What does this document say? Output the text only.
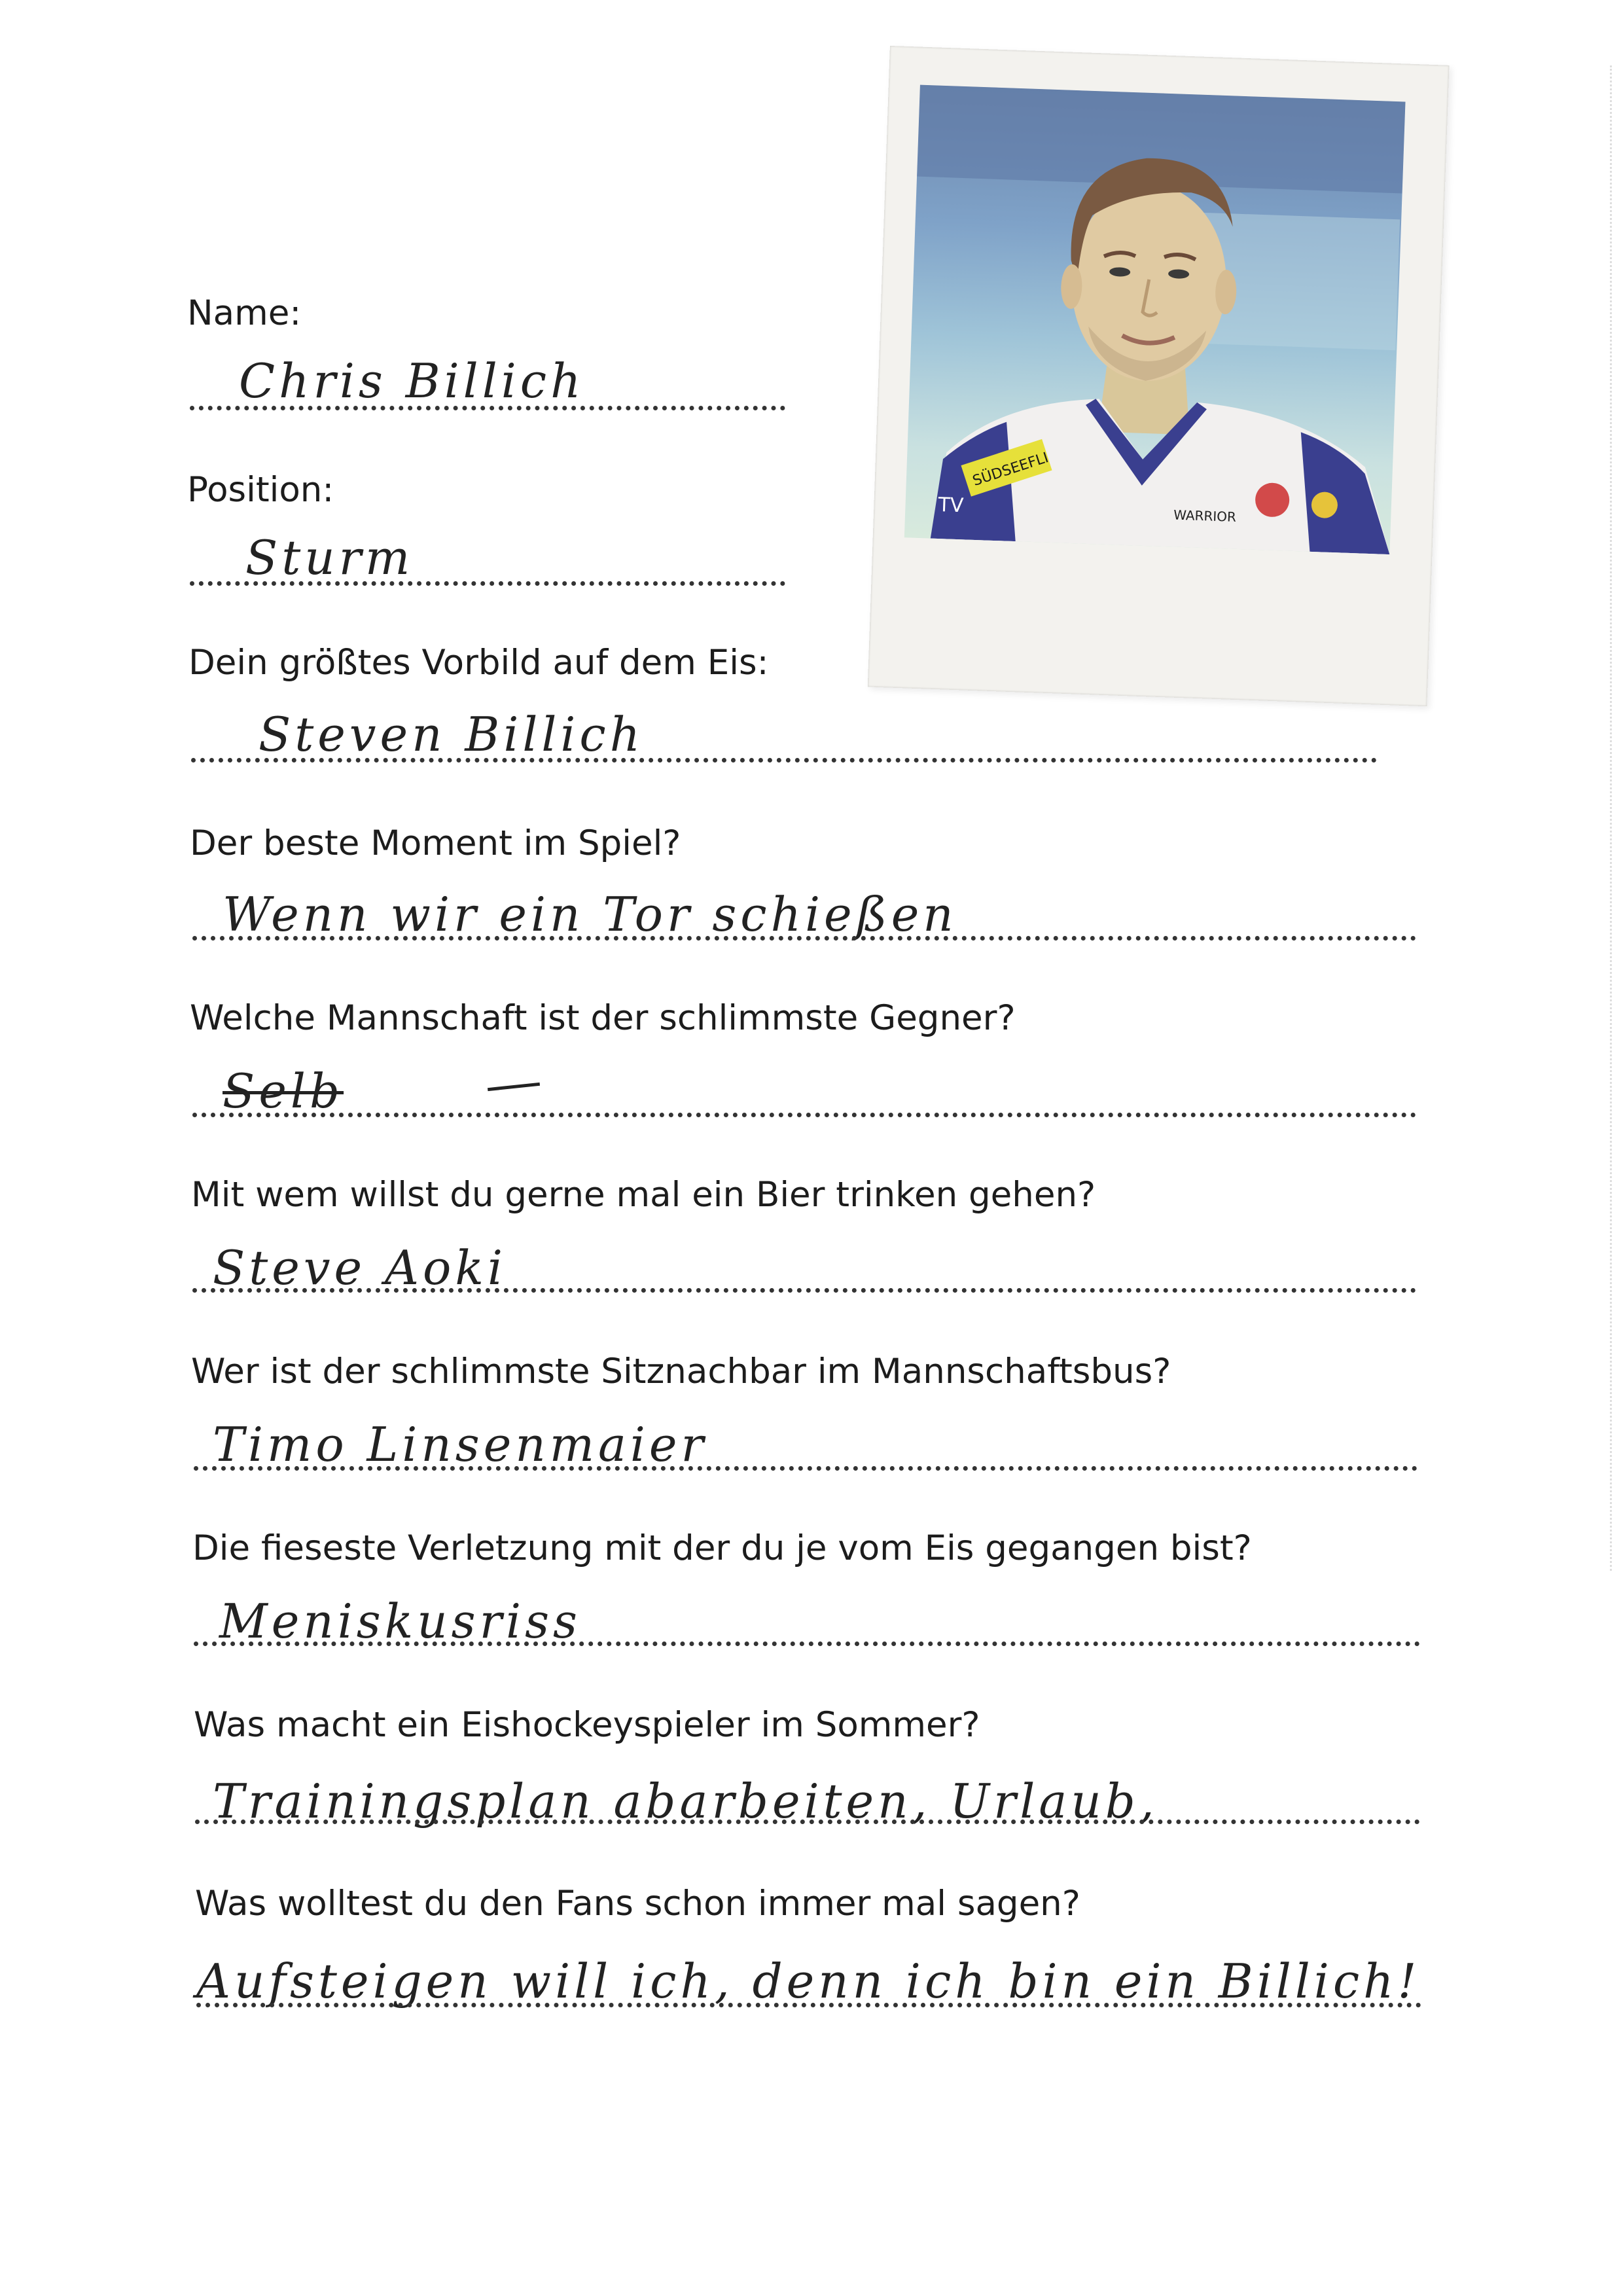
SÜDSEEFLI
TV	WARRIOR
Name:
Chris Billich
Position:
Sturm
Dein größtes Vorbild auf dem Eis:
Steven Billich
Der beste Moment im Spiel?
Wenn wir ein Tor schießen
Welche Mannschaft ist der schlimmste Gegner?
Selb
Mit wem willst du gerne mal ein Bier trinken gehen?
Steve Aoki
Wer ist der schlimmste Sitznachbar im Mannschaftsbus?
Timo Linsenmaier
Die fieseste Verletzung mit der du je vom Eis gegangen bist?
Meniskusriss
Was macht ein Eishockeyspieler im Sommer?
Trainingsplan abarbeiten, Urlaub,
Was wolltest du den Fans schon immer mal sagen?
Aufsteigen will ich, denn ich bin ein Billich!
